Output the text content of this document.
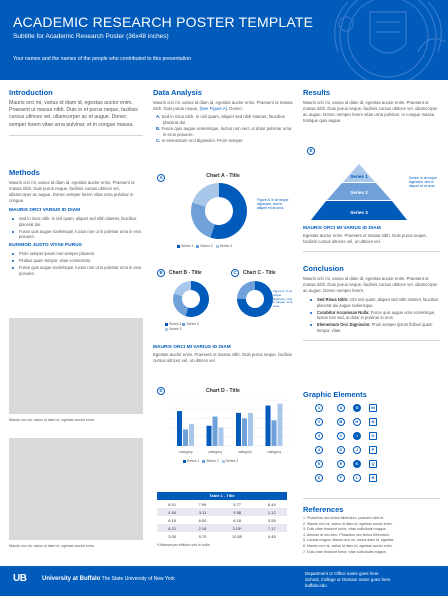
ACADEMIC RESEARCH POSTER TEMPLATE
Subtitle for Academic Research Poster (36x48 inches)
Your names and the names of the people who contributed to this presentation
Introduction
Mauris orci mi, varius id diam id, egestas auctor enim. Praesent ut massa nibh. Duis in et purus neque, facilisis cursus ultrices vel, ullamcorper ac et augue. Donec semper lorem vitae urna pulvinar, et in congue massa.
Methods
Mauris orci mi, varius id diam id, egestas auctor enim. Praesent ut massa nibh. Duis purus neque, facilisis cursus ultrices vel, ullamcorper ac augue. Donec semper lorem vitae urna pulvinar in congue.
MAURIS ORCI VARIUS ID DIAM
Sed in risus nibh. In nisl quam, aliquet sed nibh sitamet, faucibus placerat dui.
Fusce quis augue scelerisque, luctus rum ut in pulvinar urna in eros posuere.
EUISMOD JUSTO VITAE PURUS
Proin semper ipsum non semper placerat.
Finibus quam tempor, vitae consectetur.
Fusce quis augue scelerisque, luctus rum ut in pulvinar urna in eros posuere.
Mauris orci mi, varius id diam id, egestas auctor enim.
Mauris orci mi, varius id diam id, egestas auctor enim.
Data Analysis
Mauris orci mi, varius id diam id, egestas auctor enim. Praesent ut massa nibh. Duis purus neque, [See Figure A]. Donec:
A. Sed in risus nibh. In nisl quam, aliquet sed nibh sitamet, faucibus placerat dui.
B. Fusce quis augue scelerisque, luctus rum sed, ut dolor pulvinar urna in eros posuere.
C. In elementum orci dignissim. Proin semper.
A	Chart A - Title
Figure A: In at neque dignissim, and in aliquet mi at urna.
Series 1 Series 2 Series 3
B	Chart B - Title
Series 1 Series 2
Series 3
C	Chart C - Title
Figure A: In at neque dignissim, and in aliquet mi at urna.
MAURIS ORCI MI VARIUS ID DIAM
Egestas auctor enim. Praesent ut massa nibh. Duis purus neque, facilisis cursus ultrices vel, ut ultrices vel.
D	Chart D - Title
category	category	category	category
Series 1 Series 2 Series 3
Table 1 - Title			
8.01	7.99	5.77	6.44
4.50	3.11	9.58	1.12
6.15	6.00	6.18	3.55
8.21	2.16	3.15*	7.17
3.00	9.70	10.50	4.45
*Ullamcorper efficitur sed in nulla
Results
Mauris orci mi, varius id diam id, egestas auctor enim. Praesent ut massa nibh. Duis purus neque, facilisis cursus ultrices vel, ullamcorper ac augue. Donec semper lorem vitae urna pulvinar. In congue massa tristique quis augue.
E
Series 1
Series 2
Series 3
Series: In at neque dignissim, and in aliquet mi at urna.
MAURIS ORCI MI VARIUS ID DIAM
Egestas auctor enim. Praesent ut massa nibh. Duis purus neque, facilisis cursus ultrices vel, ut ultrices vel.
Conclusion
Mauris orci mi, varius id diam id, egestas auctor enim. Praesent ut massa nibh. Duis purus neque, facilisis cursus ultrices vel, ullamcorper ac augue. Donec semper lorem.
Sed Risus Nibh: Clm nisl quam, aliquet sed nibh sitamet, faucibus placerat dui augue scelerisque.
Curabitur Accumsan Nulla: Fusce quis augue urna scelerisque, luctus rum sed, ut dolor in pulvinar in eros.
Elementum Orci Dignissim: Proin semper ipsum finibus quam tempor, vitae.
Graphic Elements
1
2
3
4
5
6
A
B
C
D
E
F
G
H
I
J
K
L
M
N
O
P
Q
R
References
1. Phasellus nec lectus bibendum, posuere nibh id.
2. Mauris orci mi, varius id diam id, egestas auctor enim.
3. Duis vitae tincidunt tortor, vitae sollicitudin magna.
4. Aenean at nisi sem. Phasellus nec lectus bibendum.
5. Lacinia magna. Mauris orci mi, varius diam id, egestas.
6. Mauris orci mi, varius id diam id, egestas auctor enim.
7. Duis vitae tincidunt tortor, vitae sollicitudin magna.
UB	University at Buffalo The State University of New York
Department or Office name goes here
School, College or Division name goes here
buffalo.edu
